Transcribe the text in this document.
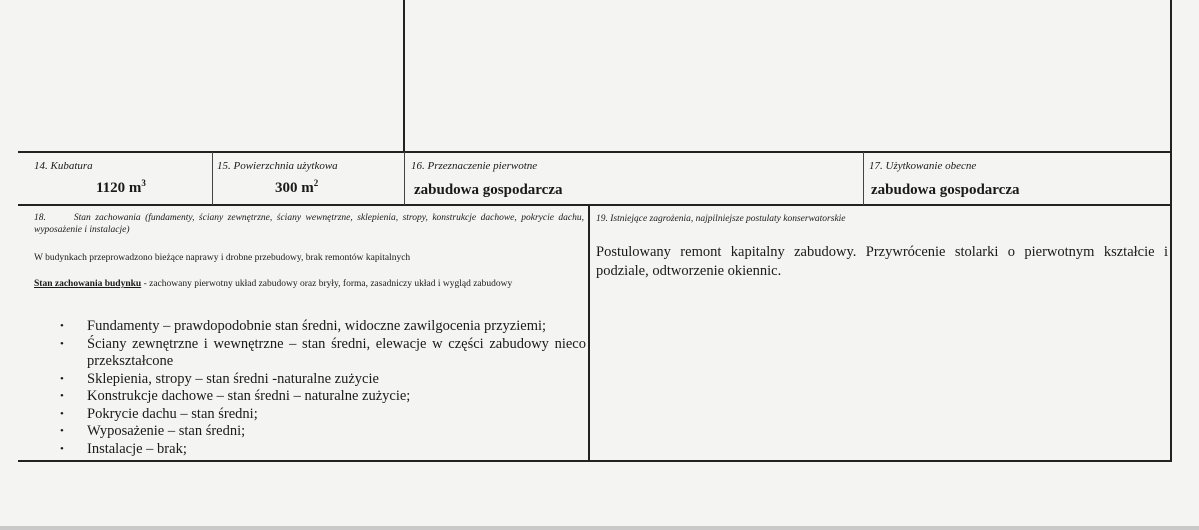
14. Kubatura
1120 $m^3$
15. Powierzchnia użytkowa
300 $m^2$
16. Przeznaczenie pierwotne
zabudowa gospodarcza
17. Użytkowanie obecne
zabudowa gospodarcza
18.	Stan zachowania (fundamenty, ściany zewnętrzne, ściany wewnętrzne, sklepienia, stropy, konstrukcje dachowe, pokrycie dachu, wyposażenie i instalacje)
W budynkach przeprowadzono bieżące naprawy i drobne przebudowy, brak remontów kapitalnych
Stan zachowania budynku - zachowany pierwotny układ zabudowy oraz bryły, forma, zasadniczy układ i wygląd zabudowy
• Fundamenty – prawdopodobnie stan średni, widoczne zawilgocenia przyziemi;
• Ściany zewnętrzne i wewnętrzne – stan średni, elewacje w części zabudowy nieco przekształcone
• Sklepienia, stropy – stan średni -naturalne zużycie
• Konstrukcje dachowe – stan średni – naturalne zużycie;
• Pokrycie dachu – stan średni;
• Wyposażenie – stan średni;
• Instalacje – brak;
19. Istniejące zagrożenia, najpilniejsze postulaty konserwatorskie
Postulowany remont kapitalny zabudowy. Przywrócenie stolarki o pierwotnym kształcie i podziale, odtworzenie okiennic.
